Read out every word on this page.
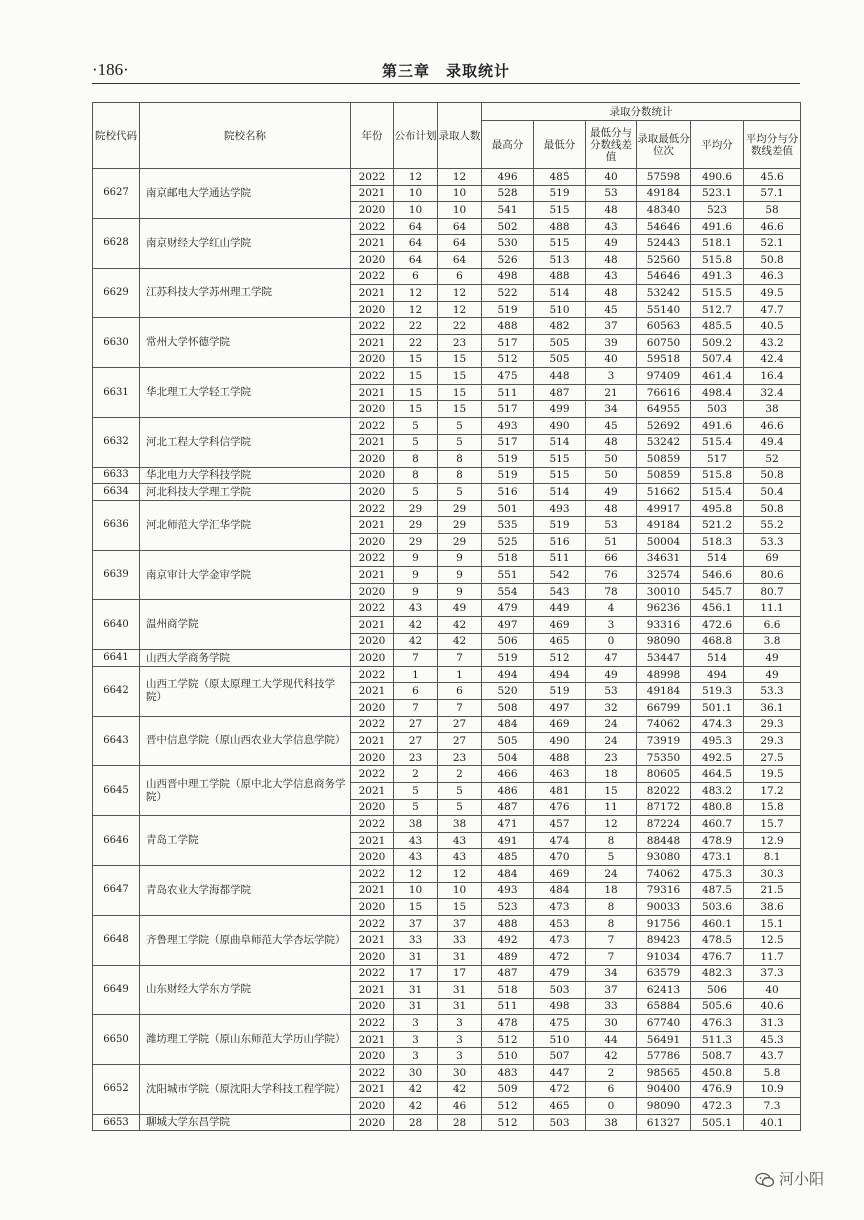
·186·	第三章　录取统计
院校代码	院校名称	年份	公布计划	录取人数	录取分数统计					
					最高分	最低分	最低分与分数线差值	录取最低分位次	平均分	平均分与分数线差值
6627	南京邮电大学通达学院	2022	12	12	496	485	40	57598	490.6	45.6
		2021	10	10	528	519	53	49184	523.1	57.1
		2020	10	10	541	515	48	48340	523	58
6628	南京财经大学红山学院	2022	64	64	502	488	43	54646	491.6	46.6
		2021	64	64	530	515	49	52443	518.1	52.1
		2020	64	64	526	513	48	52560	515.8	50.8
6629	江苏科技大学苏州理工学院	2022	6	6	498	488	43	54646	491.3	46.3
		2021	12	12	522	514	48	53242	515.5	49.5
		2020	12	12	519	510	45	55140	512.7	47.7
6630	常州大学怀德学院	2022	22	22	488	482	37	60563	485.5	40.5
		2021	22	23	517	505	39	60750	509.2	43.2
		2020	15	15	512	505	40	59518	507.4	42.4
6631	华北理工大学轻工学院	2022	15	15	475	448	3	97409	461.4	16.4
		2021	15	15	511	487	21	76616	498.4	32.4
		2020	15	15	517	499	34	64955	503	38
6632	河北工程大学科信学院	2022	5	5	493	490	45	52692	491.6	46.6
		2021	5	5	517	514	48	53242	515.4	49.4
		2020	8	8	519	515	50	50859	517	52
6633	华北电力大学科技学院	2020	8	8	519	515	50	50859	515.8	50.8
6634	河北科技大学理工学院	2020	5	5	516	514	49	51662	515.4	50.4
6636	河北师范大学汇华学院	2022	29	29	501	493	48	49917	495.8	50.8
		2021	29	29	535	519	53	49184	521.2	55.2
		2020	29	29	525	516	51	50004	518.3	53.3
6639	南京审计大学金审学院	2022	9	9	518	511	66	34631	514	69
		2021	9	9	551	542	76	32574	546.6	80.6
		2020	9	9	554	543	78	30010	545.7	80.7
6640	温州商学院	2022	43	49	479	449	4	96236	456.1	11.1
		2021	42	42	497	469	3	93316	472.6	6.6
		2020	42	42	506	465	0	98090	468.8	3.8
6641	山西大学商务学院	2020	7	7	519	512	47	53447	514	49
6642	山西工学院（原太原理工大学现代科技学院）	2022	1	1	494	494	49	48998	494	49
		2021	6	6	520	519	53	49184	519.3	53.3
		2020	7	7	508	497	32	66799	501.1	36.1
6643	晋中信息学院（原山西农业大学信息学院）	2022	27	27	484	469	24	74062	474.3	29.3
		2021	27	27	505	490	24	73919	495.3	29.3
		2020	23	23	504	488	23	75350	492.5	27.5
6645	山西晋中理工学院（原中北大学信息商务学院）	2022	2	2	466	463	18	80605	464.5	19.5
		2021	5	5	486	481	15	82022	483.2	17.2
		2020	5	5	487	476	11	87172	480.8	15.8
6646	青岛工学院	2022	38	38	471	457	12	87224	460.7	15.7
		2021	43	43	491	474	8	88448	478.9	12.9
		2020	43	43	485	470	5	93080	473.1	8.1
6647	青岛农业大学海都学院	2022	12	12	484	469	24	74062	475.3	30.3
		2021	10	10	493	484	18	79316	487.5	21.5
		2020	15	15	523	473	8	90033	503.6	38.6
6648	齐鲁理工学院（原曲阜师范大学杏坛学院）	2022	37	37	488	453	8	91756	460.1	15.1
		2021	33	33	492	473	7	89423	478.5	12.5
		2020	31	31	489	472	7	91034	476.7	11.7
6649	山东财经大学东方学院	2022	17	17	487	479	34	63579	482.3	37.3
		2021	31	31	518	503	37	62413	506	40
		2020	31	31	511	498	33	65884	505.6	40.6
6650	潍坊理工学院（原山东师范大学历山学院）	2022	3	3	478	475	30	67740	476.3	31.3
		2021	3	3	512	510	44	56491	511.3	45.3
		2020	3	3	510	507	42	57786	508.7	43.7
6652	沈阳城市学院（原沈阳大学科技工程学院）	2022	30	30	483	447	2	98565	450.8	5.8
		2021	42	42	509	472	6	90400	476.9	10.9
		2020	42	46	512	465	0	98090	472.3	7.3
6653	聊城大学东昌学院	2020	28	28	512	503	38	61327	505.1	40.1
河小阳
